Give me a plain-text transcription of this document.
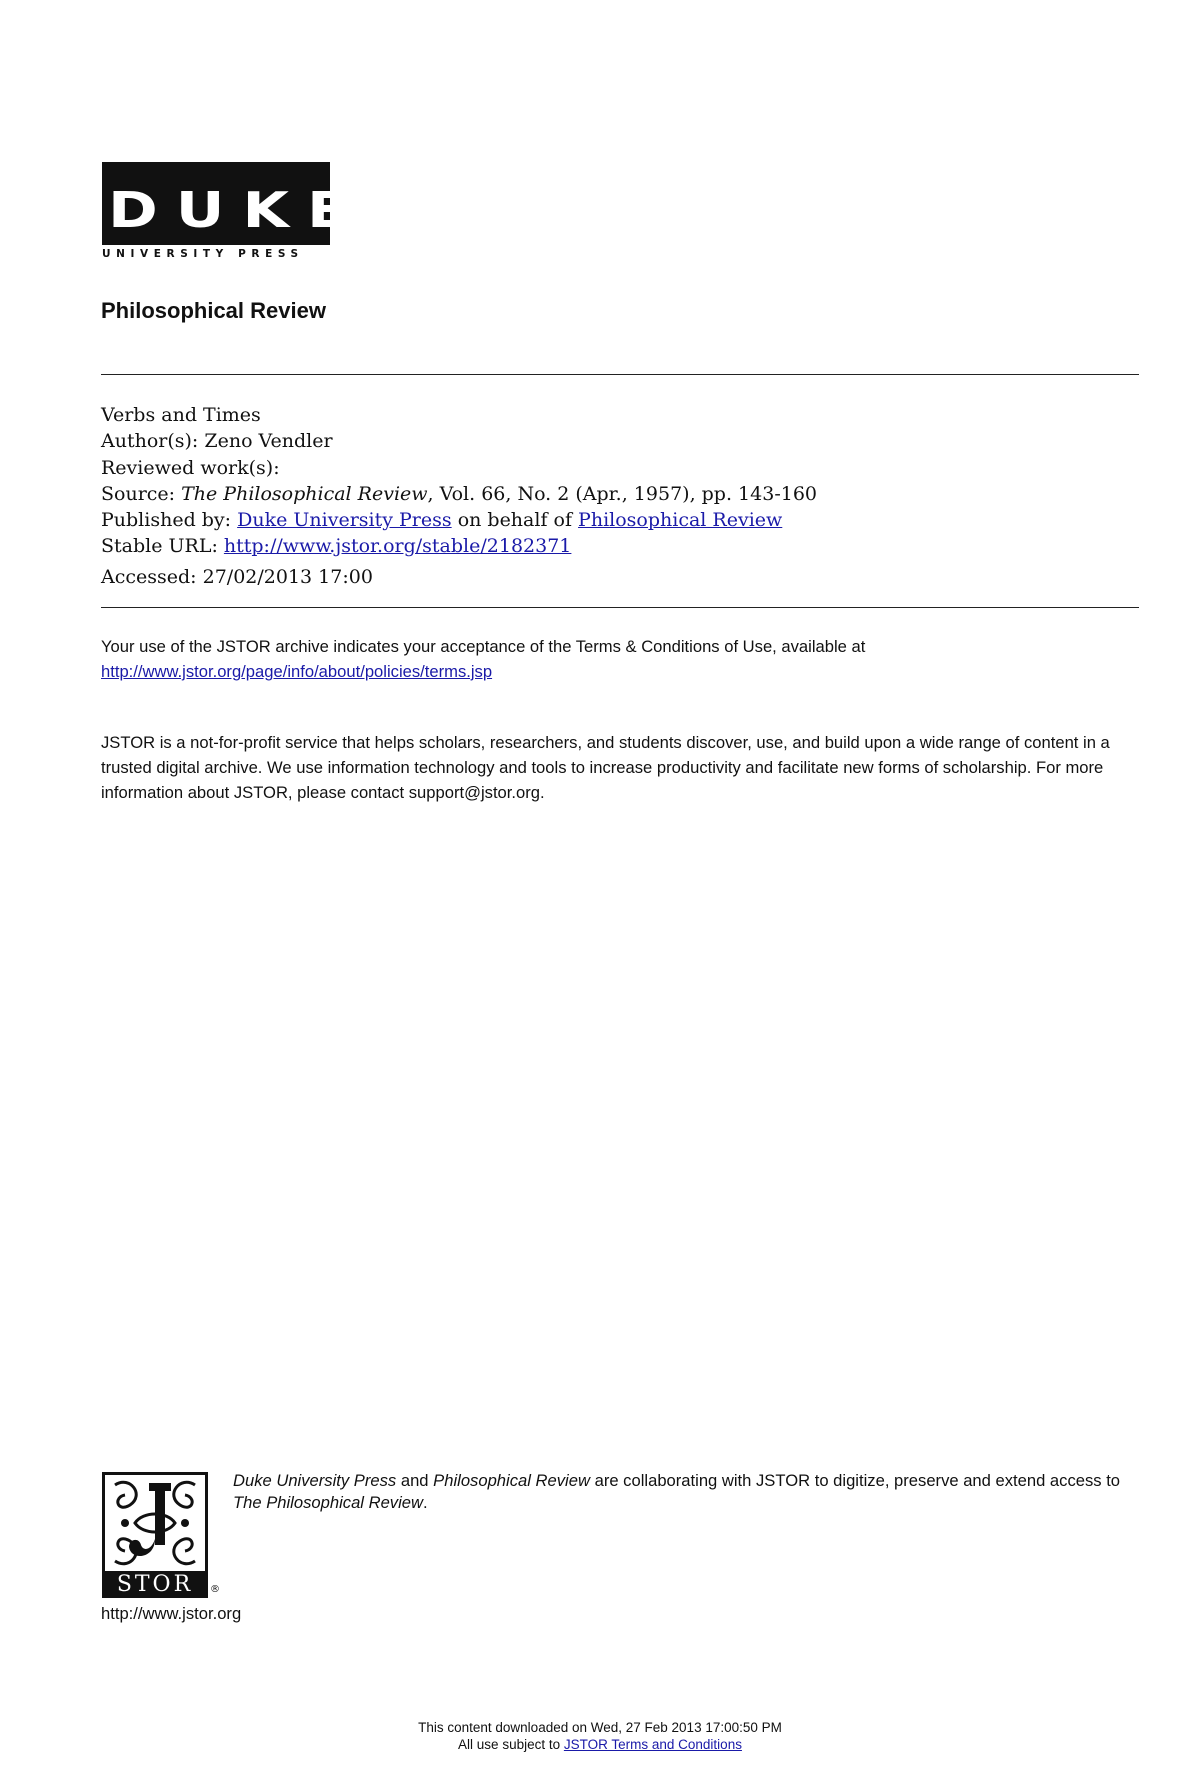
DUKE
UNIVERSITY PRESS
Philosophical Review
Verbs and Times
Author(s): Zeno Vendler
Reviewed work(s):
Source: The Philosophical Review, Vol. 66, No. 2 (Apr., 1957), pp. 143-160
Published by: Duke University Press on behalf of Philosophical Review
Stable URL: http://www.jstor.org/stable/2182371
Accessed: 27/02/2013 17:00
Your use of the JSTOR archive indicates your acceptance of the Terms & Conditions of Use, available at
http://www.jstor.org/page/info/about/policies/terms.jsp
JSTOR is a not-for-profit service that helps scholars, researchers, and students discover, use, and build upon a wide range of content in a trusted digital archive. We use information technology and tools to increase productivity and facilitate new forms of scholarship. For more information about JSTOR, please contact support@jstor.org.
STOR	®
http://www.jstor.org
Duke University Press and Philosophical Review are collaborating with JSTOR to digitize, preserve and extend access to The Philosophical Review.
This content downloaded on Wed, 27 Feb 2013 17:00:50 PM
All use subject to JSTOR Terms and Conditions
